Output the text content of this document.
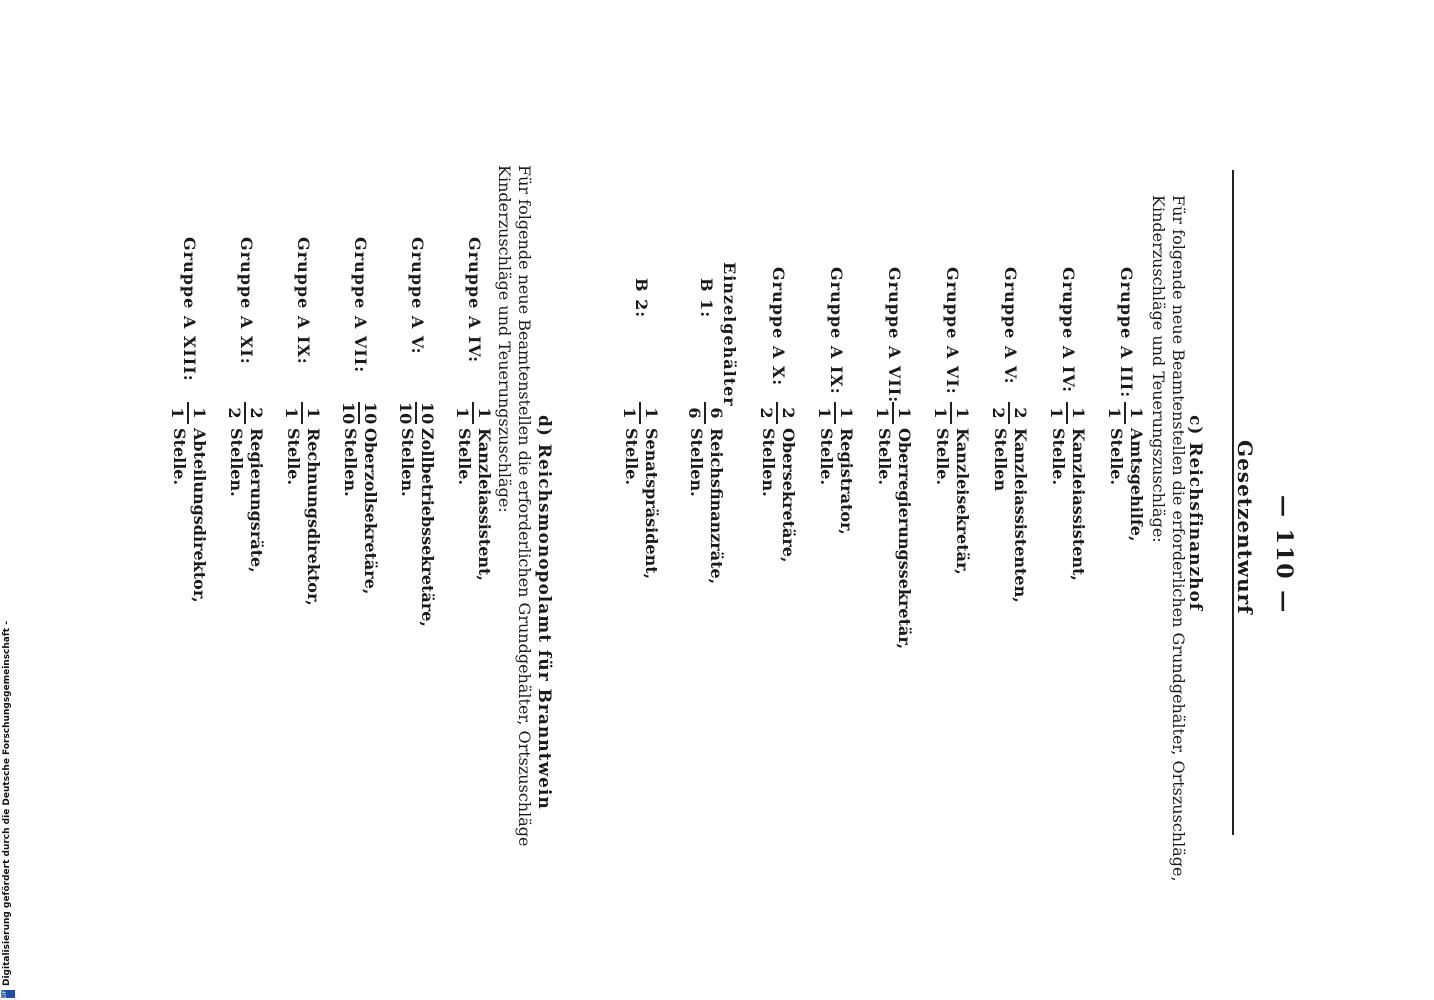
— 110 —
Gesetzentwurf
c) Reichsfinanzhof
Für folgende neue Beamtenstellen die erforderlichen Grundgehälter, Ortszuschläge,
Kinderzuschläge und Teuerungszuschläge:
Gruppe A III:
1
1
Amtsgehilfe,
Stelle.
Gruppe A IV:
1
1
Kanzleiassistent,
Stelle.
Gruppe A V:
2
2
Kanzleiassistenten,
Stellen
Gruppe A VI:
1
1
Kanzleisekretär,
Stelle.
Gruppe A VII:
1
1
Oberregierungssekretär,
Stelle.
Gruppe A IX:
1
1
Registrator,
Stelle.
Gruppe A X:
2
2
Obersekretäre,
Stellen.
Einzelgehälter
B 1:
6
6
Reichsfinanzräte,
Stellen.
B 2:
1
1
Senatspräsident,
Stelle.
d) Reichsmonopolamt für Branntwein
Für folgende neue Beamtenstellen die erforderlichen Grundgehälter, Ortszuschläge
Kinderzuschläge und Teuerungszuschläge:
Gruppe A IV:
1
1
Kanzleiassistent,
Stelle.
Gruppe A V:
10
10
Zollbetriebssekretäre,
Stellen.
Gruppe A VII:
10
10
Oberzollsekretäre,
Stellen.
Gruppe A IX:
1
1
Rechnungsdirektor,
Stelle.
Gruppe A XI:
2
2
Regierungsräte,
Stellen.
Gruppe A XIII:
1
1
Abteilungsdirektor,
Stelle.
DFG
Digitalisierung gefördert durch die Deutsche Forschungsgemeinschaft -
